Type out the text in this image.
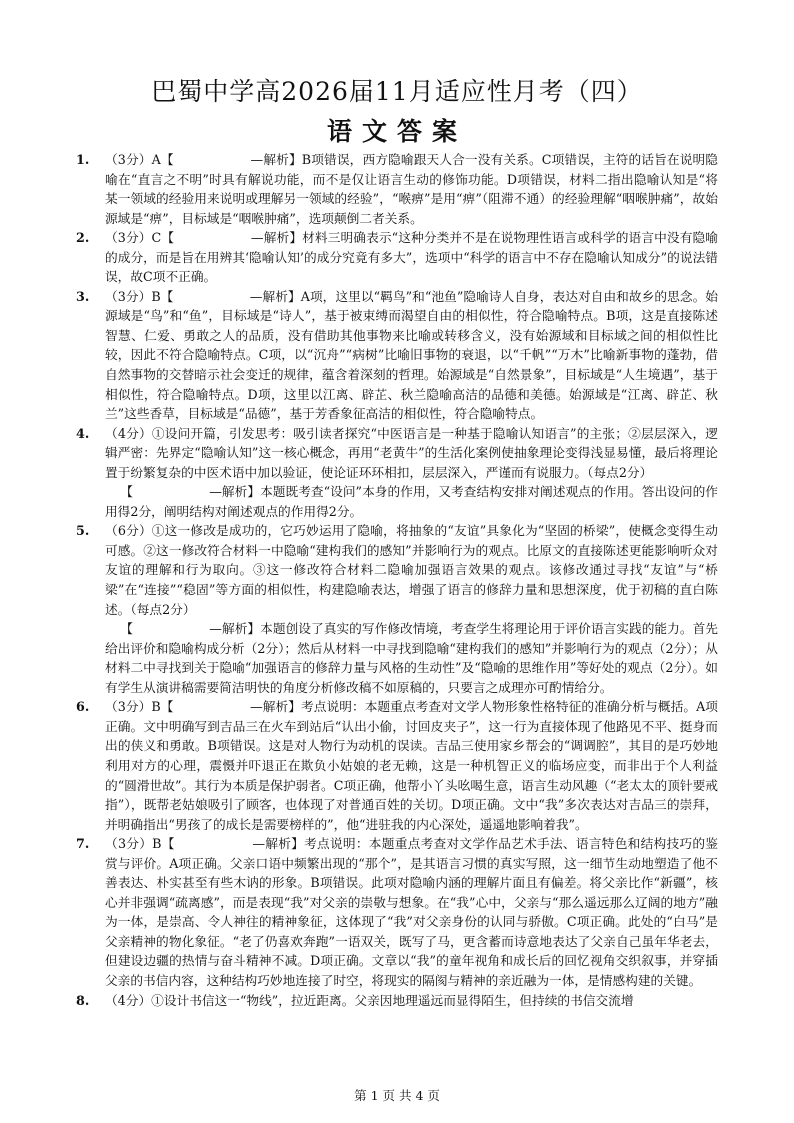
巴蜀中学高2026届11月适应性月考（四）
语文答案
1. （3分）A【　　　　　　—解析】B项错误，西方隐喻跟天人合一没有关系。C项错误，主符的话旨在说明隐喻在“直言之不明”时具有解说功能，而不是仅让语言生动的修饰功能。D项错误，材料二指出隐喻认知是“将某一领域的经验用来说明或理解另一领域的经验”，“喉痹”是用“痹”（阻滞不通）的经验理解“咽喉肿痛”，故始源域是“痹”，目标域是“咽喉肿痛”，选项颠倒二者关系。

2. （3分）C【　　　　　　—解析】材料三明确表示“这种分类并不是在说物理性语言或科学的语言中没有隐喻的成分，而是旨在用辨其‘隐喻认知’的成分究竟有多大”，选项中“科学的语言中不存在隐喻认知成分”的说法错误，故C项不正确。

3. （3分）B【　　　　　　—解析】A项，这里以“羁鸟”和“池鱼”隐喻诗人自身，表达对自由和故乡的思念。始源域是“鸟”和“鱼”，目标域是“诗人”，基于被束缚而渴望自由的相似性，符合隐喻特点。B项，这是直接陈述智慧、仁爱、勇敢之人的品质，没有借助其他事物来比喻或转移含义，没有始源域和目标域之间的相似性比较，因此不符合隐喻特点。C项，以“沉舟”“病树”比喻旧事物的衰退，以“千帆”“万木”比喻新事物的蓬勃，借自然事物的交替暗示社会变迁的规律，蕴含着深刻的哲理。始源域是“自然景象”，目标域是“人生境遇”，基于相似性，符合隐喻特点。D项，这里以江离、辟芷、秋兰隐喻高洁的品德和美德。始源域是“江离、辟芷、秋兰”这些香草，目标域是“品德”，基于芳香象征高洁的相似性，符合隐喻特点。

4. （4分）①设问开篇，引发思考：吸引读者探究“中医语言是一种基于隐喻认知语言”的主张；②层层深入，逻辑严密：先界定“隐喻认知”这一核心概念，再用“老黄牛”的生活化案例使抽象理论变得浅显易懂，最后将理论置于纷繁复杂的中医术语中加以验证，使论证环环相扣，层层深入，严谨而有说服力。（每点2分）

【　　　　　　—解析】本题既考查“设问”本身的作用，又考查结构安排对阐述观点的作用。答出设问的作用得2分，阐明结构对阐述观点的作用得2分。

5. （6分）①这一修改是成功的，它巧妙运用了隐喻，将抽象的“友谊”具象化为“坚固的桥梁”，使概念变得生动可感。②这一修改符合材料一中隐喻“建构我们的感知”并影响行为的观点。比原文的直接陈述更能影响听众对友谊的理解和行为取向。③这一修改符合材料二隐喻加强语言效果的观点。该修改通过寻找“友谊”与“桥梁”在“连接”“稳固”等方面的相似性，构建隐喻表达，增强了语言的修辞力量和思想深度，优于初稿的直白陈述。（每点2分）

【　　　　　　—解析】本题创设了真实的写作修改情境，考查学生将理论用于评价语言实践的能力。首先给出评价和隐喻构成分析（2分）；然后从材料一中寻找到隐喻“建构我们的感知”并影响行为的观点（2分）；从材料二中寻找到关于隐喻“加强语言的修辞力量与风格的生动性”及“隐喻的思维作用”等好处的观点（2分）。如有学生从演讲稿需要简洁明快的角度分析修改稿不如原稿的，只要言之成理亦可酌情给分。

6. （3分）B【　　　　　　—解析】考点说明：本题重点考查对文学人物形象性格特征的准确分析与概括。A项正确。文中明确写到吉品三在火车到站后“认出小偷，讨回皮夹子”，这一行为直接体现了他路见不平、挺身而出的侠义和勇敢。B项错误。这是对人物行为动机的误读。吉品三使用家乡帮会的“调调腔”，其目的是巧妙地利用对方的心理，震慑并吓退正在欺负小姑娘的老无赖，这是一种机智正义的临场应变，而非出于个人利益的“圆滑世故”。其行为本质是保护弱者。C项正确，他帮小丫头吆喝生意，语言生动风趣（“老太太的顶针要戒指”），既帮老姑娘吸引了顾客，也体现了对普通百姓的关切。D项正确。文中“我”多次表达对吉品三的崇拜，并明确指出“男孩了的成长是需要榜样的”，他“进驻我的内心深处，遥遥地影响着我”。

7. （3分）B【　　　　　　—解析】考点说明：本题重点考查对文学作品艺术手法、语言特色和结构技巧的鉴赏与评价。A项正确。父亲口语中频繁出现的“那个”，是其语言习惯的真实写照，这一细节生动地塑造了他不善表达、朴实甚至有些木讷的形象。B项错误。此项对隐喻内涵的理解片面且有偏差。将父亲比作“新疆”，核心并非强调“疏离感”，而是表现“我”对父亲的崇敬与想象。在“我”心中，父亲与“那么遥远那么辽阔的地方”融为一体，是崇高、令人神往的精神象征，这体现了“我”对父亲身份的认同与骄傲。C项正确。此处的“白马”是父亲精神的物化象征。“老了仍喜欢奔跑”一语双关，既写了马，更含蓄而诗意地表达了父亲自己虽年华老去，但建设边疆的热情与奋斗精神不减。D项正确。文章以“我”的童年视角和成长后的回忆视角交织叙事，并穿插父亲的书信内容，这种结构巧妙地连接了时空，将现实的隔阂与精神的亲近融为一体，是情感构建的关键。

8. （4分）①设计书信这一“物线”，拉近距离。父亲因地理遥远而显得陌生，但持续的书信交流增

第 1 页 共 4 页
